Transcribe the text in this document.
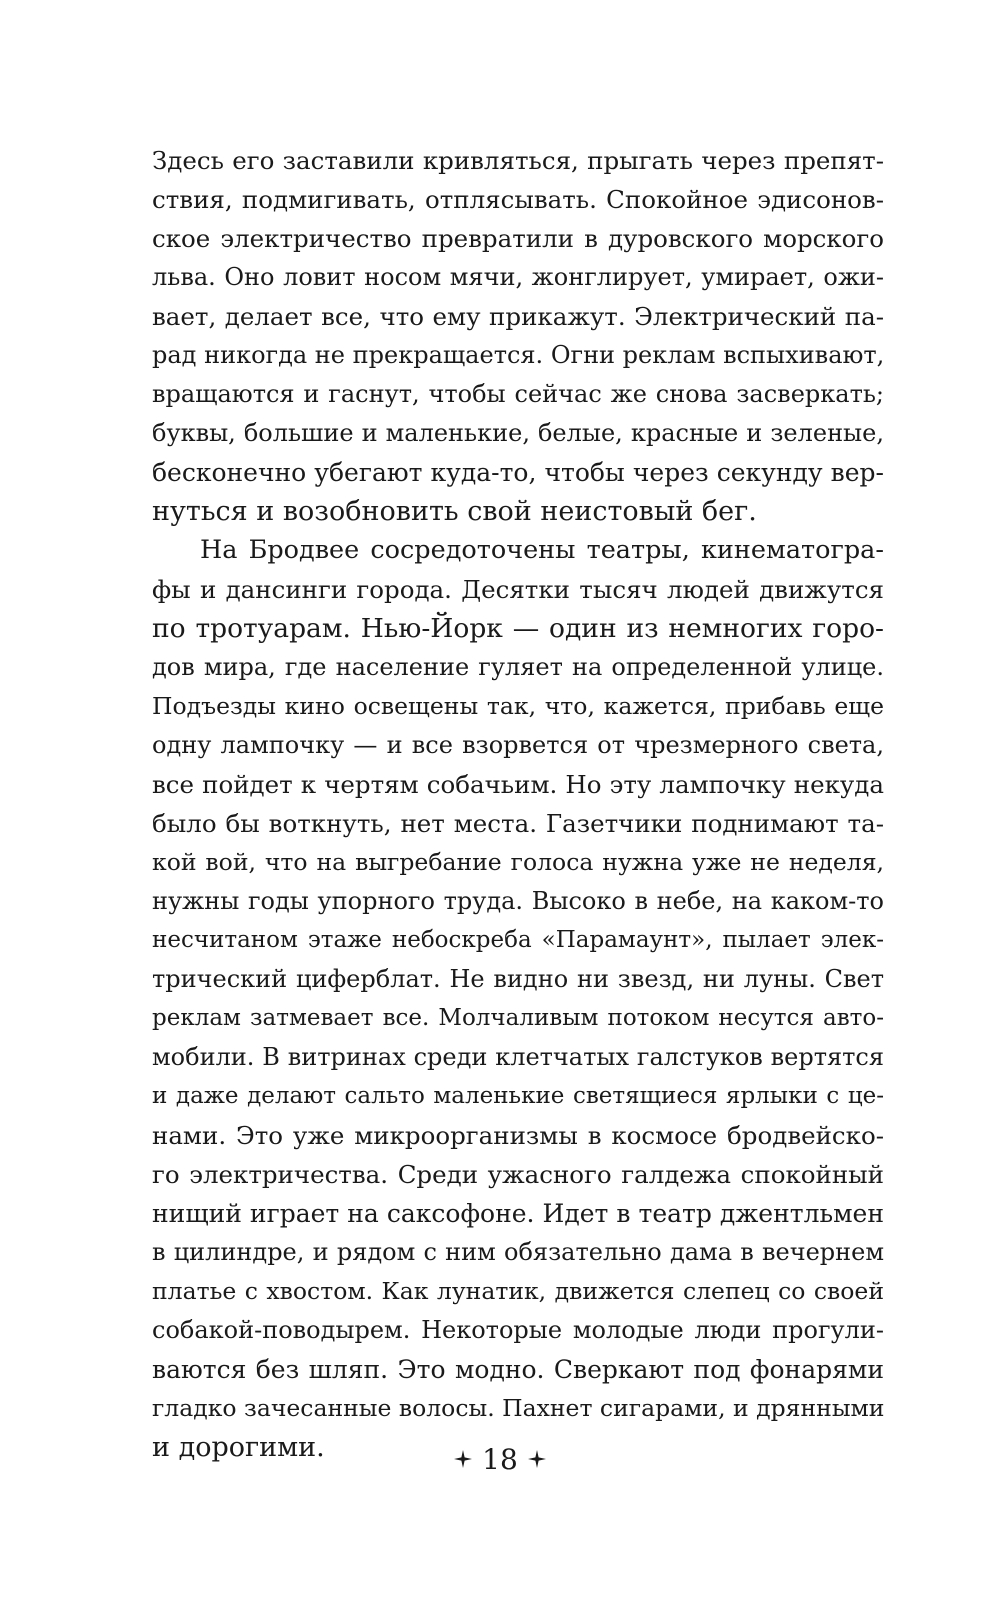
Здесь его заставили кривляться, прыгать через препят-
ствия, подмигивать, отплясывать. Спокойное эдисонов-
ское электричество превратили в дуровского морского
льва. Оно ловит носом мячи, жонглирует, умирает, ожи-
вает, делает все, что ему прикажут. Электрический па-
рад никогда не прекращается. Огни реклам вспыхивают,
вращаются и гаснут, чтобы сейчас же снова засверкать;
буквы, большие и маленькие, белые, красные и зеленые,
бесконечно убегают куда-то, чтобы через секунду вер-
нуться и возобновить свой неистовый бег.
На Бродвее сосредоточены театры, кинематогра-
фы и дансинги города. Десятки тысяч людей движутся
по тротуарам. Нью-Йорк — один из немногих горо-
дов мира, где население гуляет на определенной улице.
Подъезды кино освещены так, что, кажется, прибавь еще
одну лампочку — и все взорвется от чрезмерного света,
все пойдет к чертям собачьим. Но эту лампочку некуда
было бы воткнуть, нет места. Газетчики поднимают та-
кой вой, что на выгребание голоса нужна уже не неделя,
нужны годы упорного труда. Высоко в небе, на каком-то
несчитаном этаже небоскреба «Парамаунт», пылает элек-
трический циферблат. Не видно ни звезд, ни луны. Свет
реклам затмевает все. Молчаливым потоком несутся авто-
мобили. В витринах среди клетчатых галстуков вертятся
и даже делают сальто маленькие светящиеся ярлыки с це-
нами. Это уже микроорганизмы в космосе бродвейско-
го электричества. Среди ужасного галдежа спокойный
нищий играет на саксофоне. Идет в театр джентльмен
в цилиндре, и рядом с ним обязательно дама в вечернем
платье с хвостом. Как лунатик, движется слепец со своей
собакой-поводырем. Некоторые молодые люди прогули-
ваются без шляп. Это модно. Сверкают под фонарями
гладко зачесанные волосы. Пахнет сигарами, и дрянными
и дорогими.	18
